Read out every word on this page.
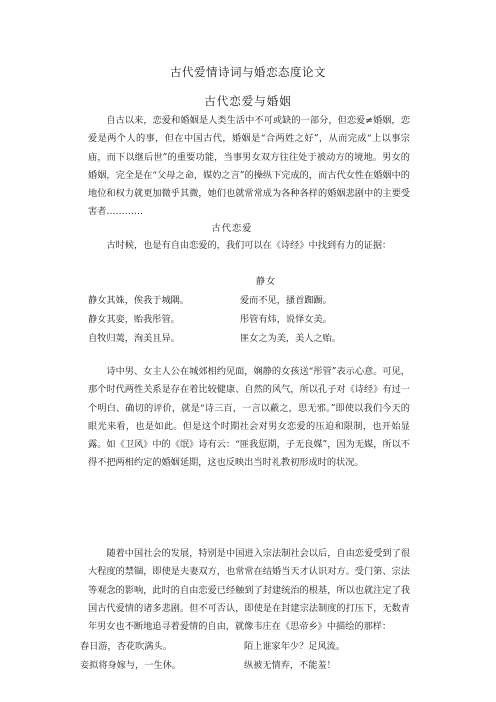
古代爱情诗词与婚恋态度论文
古代恋爱与婚姻

自古以来，恋爱和婚姻是人类生活中不可或缺的一部分，但恋爱≠婚姻，恋爱是两个人的事，但在中国古代，婚姻是“合两姓之好”，从而完成“上以事宗庙，而下以继后世”的重要功能，当事男女双方往往处于被动方的境地。男女的婚姻，完全是在“父母之命，媒妁之言”的操纵下完成的，而古代女性在婚姻中的地位和权力就更加微乎其微，她们也就常常成为各种各样的婚姻悲剧中的主要受害者…………

古代恋爱

古时候，也是有自由恋爱的，我们可以在《诗经》中找到有力的证据：

静女
静女其姝，俟我于城隅。	爱而不见，搔首踟蹰。
静女其娈，贻我彤管。	彤管有炜，说怿女美。
自牧归荑，洵美且异。	匪女之为美，美人之贻。

诗中男、女主人公在城郊相约见面，娴静的女孩送“彤管”表示心意。可见，那个时代两性关系是存在着比较健康、自然的风气，所以孔子对《诗经》有过一个明白、确切的评价，就是“诗三百，一言以蔽之，思无邪。”即使以我们今天的眼光来看，也是如此。但是这个时期社会对男女恋爱的压迫和限制，也开始显露。如《卫风》中的《氓》诗有云：“匪我愆期，子无良媒”，因为无媒，所以不得不把两相约定的婚姻延期，这也反映出当时礼教初形成时的状况。

随着中国社会的发展，特别是中国进入宗法制社会以后，自由恋爱受到了很大程度的禁锢，即使是夫妻双方，也常常在结婚当天才认识对方。受门第、宗法等观念的影响，此时的自由恋爱已经触到了封建统治的根基，所以也就注定了我国古代爱情的诸多悲剧。但不可否认，即使是在封建宗法制度的打压下，无数青年男女也不断地追寻着爱情的自由，就像韦庄在《思帝乡》中描绘的那样：

春日游，杏花吹满头。	陌上谁家年少？足风流。
妾拟将身嫁与，一生休。	纵被无情弃，不能羞！
